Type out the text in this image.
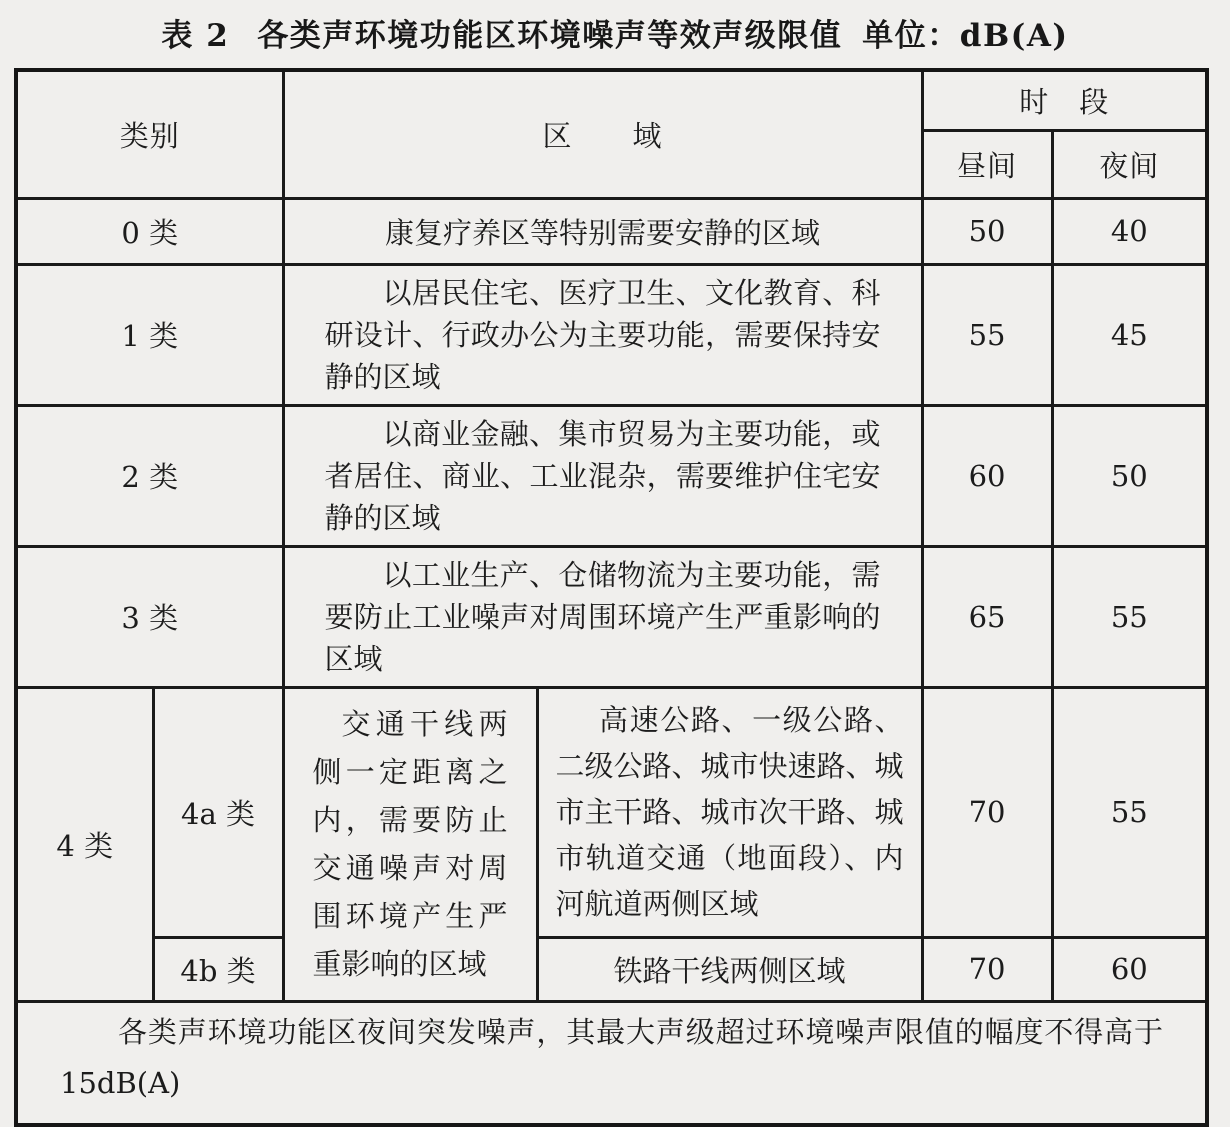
表 2 各类声环境功能区环境噪声等效声级限值 单位：dB(A)
类别		区　　域		时　段	
				昼间	夜间
0 类		康复疗养区等特别需要安静的区域		50	40
1 类		以居民住宅、医疗卫生、文化教育、科研设计、行政办公为主要功能，需要保持安静的区域		55	45
2 类		以商业金融、集市贸易为主要功能，或者居住、商业、工业混杂，需要维护住宅安静的区域		60	50
3 类		以工业生产、仓储物流为主要功能，需要防止工业噪声对周围环境产生严重影响的区域		65	55
4 类	4a 类	交通干线两侧一定距离之内，需要防止交通噪声对周围环境产生严重影响的区域	高速公路、一级公路、二级公路、城市快速路、城市主干路、城市次干路、城市轨道交通（地面段）、内河航道两侧区域	70	55
	4b 类		铁路干线两侧区域	70	60
各类声环境功能区夜间突发噪声，其最大声级超过环境噪声限值的幅度不得高于 15dB(A)					
